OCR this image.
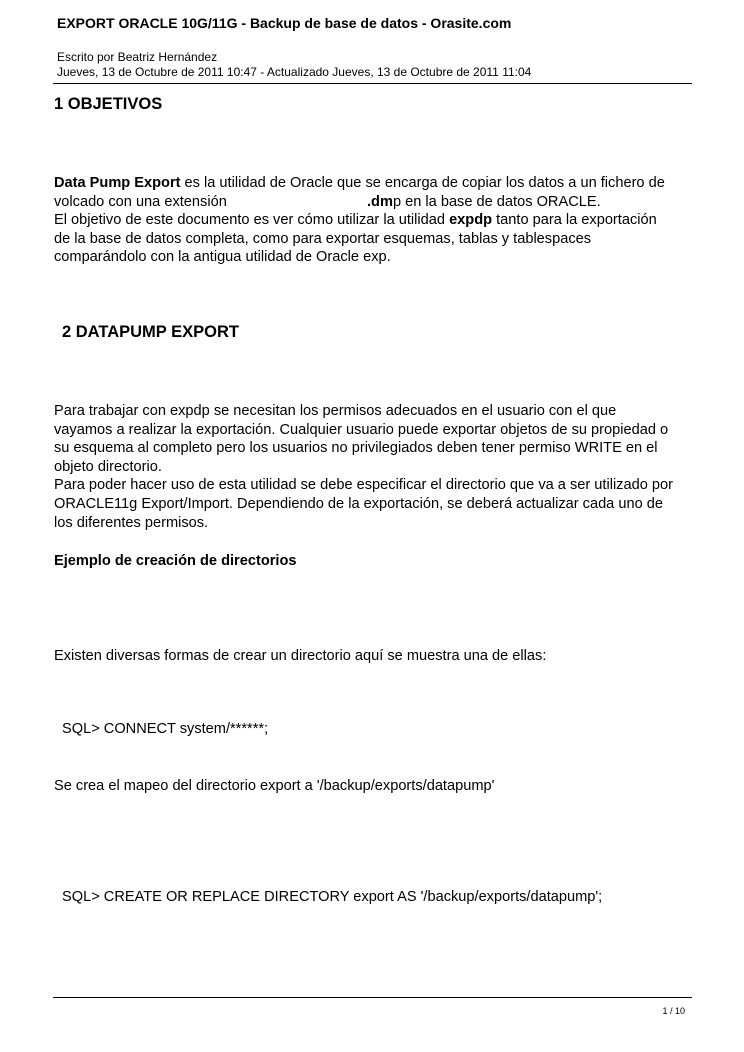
EXPORT ORACLE 10G/11G - Backup de base de datos - Orasite.com
Escrito por Beatriz Hernández
Jueves, 13 de Octubre de 2011 10:47 - Actualizado Jueves, 13 de Octubre de 2011 11:04
1 OBJETIVOS
Data Pump Export es la utilidad de Oracle que se encarga de copiar los datos a un fichero de
volcado con una extensión	.dmp en la base de datos ORACLE.
El objetivo de este documento es ver cómo utilizar la utilidad expdp tanto para la exportación
de la base de datos completa, como para exportar esquemas, tablas y tablespaces
comparándolo con la antigua utilidad de Oracle exp.
2 DATAPUMP EXPORT
Para trabajar con expdp se necesitan los permisos adecuados en el usuario con el que
vayamos a realizar la exportación. Cualquier usuario puede exportar objetos de su propiedad o
su esquema al completo pero los usuarios no privilegiados deben tener permiso WRITE en el
objeto directorio.
Para poder hacer uso de esta utilidad se debe especificar el directorio que va a ser utilizado por
ORACLE11g Export/Import. Dependiendo de la exportación, se deberá actualizar cada uno de
los diferentes permisos.
Ejemplo de creación de directorios
Existen diversas formas de crear un directorio aquí se muestra una de ellas:
SQL> CONNECT system/******;
Se crea el mapeo del directorio export a '/backup/exports/datapump'
SQL> CREATE OR REPLACE DIRECTORY export AS '/backup/exports/datapump';
1 / 10
